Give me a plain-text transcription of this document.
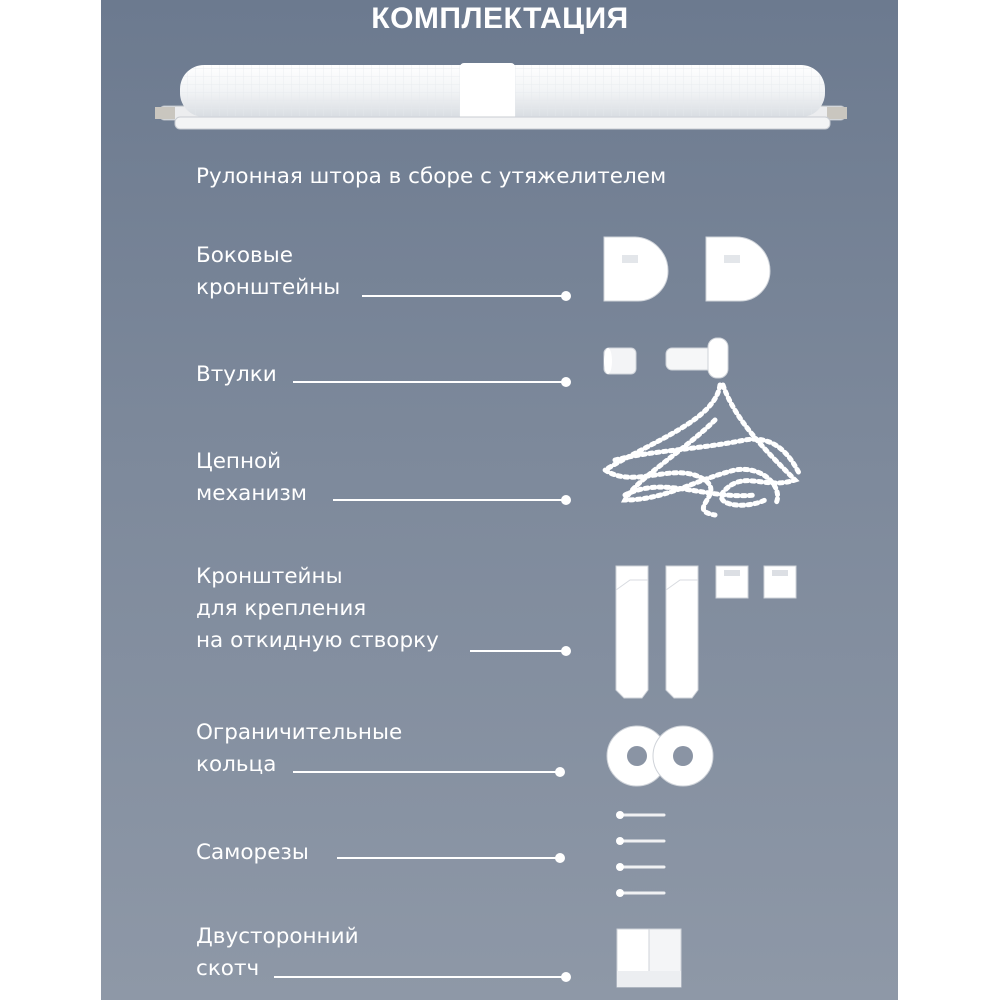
КОМПЛЕКТАЦИЯ
Рулонная штора в сборе с утяжелителем
Боковые
кронштейны
Втулки
Цепной
механизм
Кронштейны
для крепления
на откидную створку
Ограничительные
кольца
Саморезы
Двусторонний
скотч
